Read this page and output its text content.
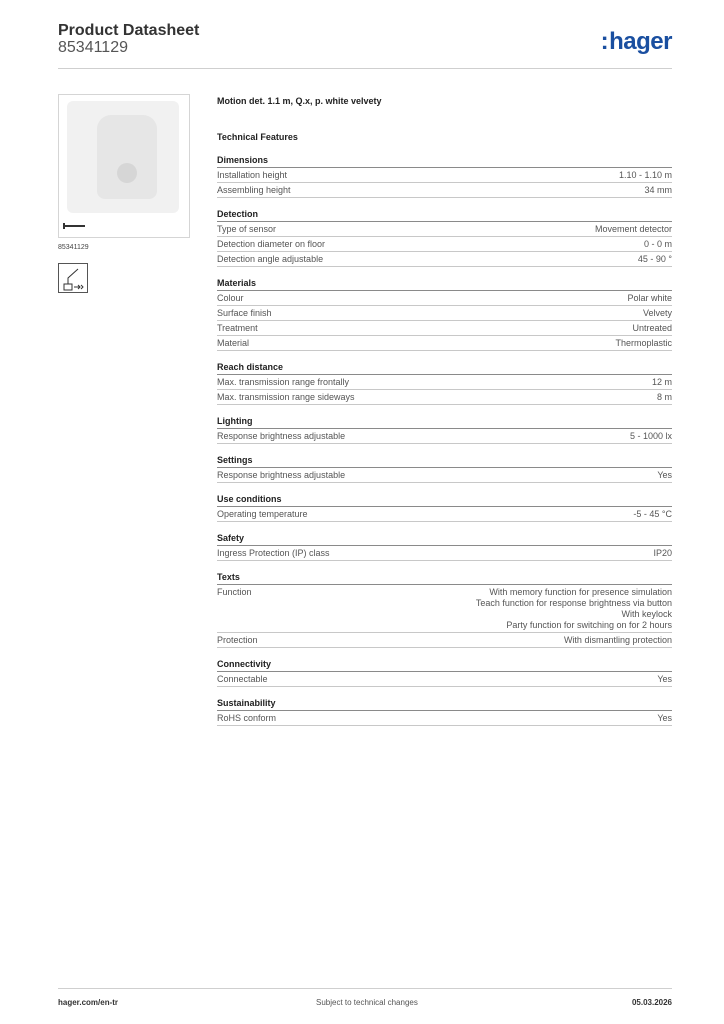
Product Datasheet
85341129	:hager
85341129
Motion det. 1.1 m, Q.x, p. white velvety
Technical Features
Dimensions
Installation height	1.10 - 1.10 m
Assembling height	34 mm
Detection
Type of sensor	Movement detector
Detection diameter on floor	0 - 0 m
Detection angle adjustable	45 - 90 °
Materials
Colour	Polar white
Surface finish	Velvety
Treatment	Untreated
Material	Thermoplastic
Reach distance
Max. transmission range frontally	12 m
Max. transmission range sideways	8 m
Lighting
Response brightness adjustable	5 - 1000 lx
Settings
Response brightness adjustable	Yes
Use conditions
Operating temperature	-5 - 45 °C
Safety
Ingress Protection (IP) class	IP20
Texts
Function	With memory function for presence simulation
Teach function for response brightness via button
With keylock
Party function for switching on for 2 hours
Protection	With dismantling protection
Connectivity
Connectable	Yes
Sustainability
RoHS conform	Yes
hager.com/en-tr	Subject to technical changes	05.03.2026
